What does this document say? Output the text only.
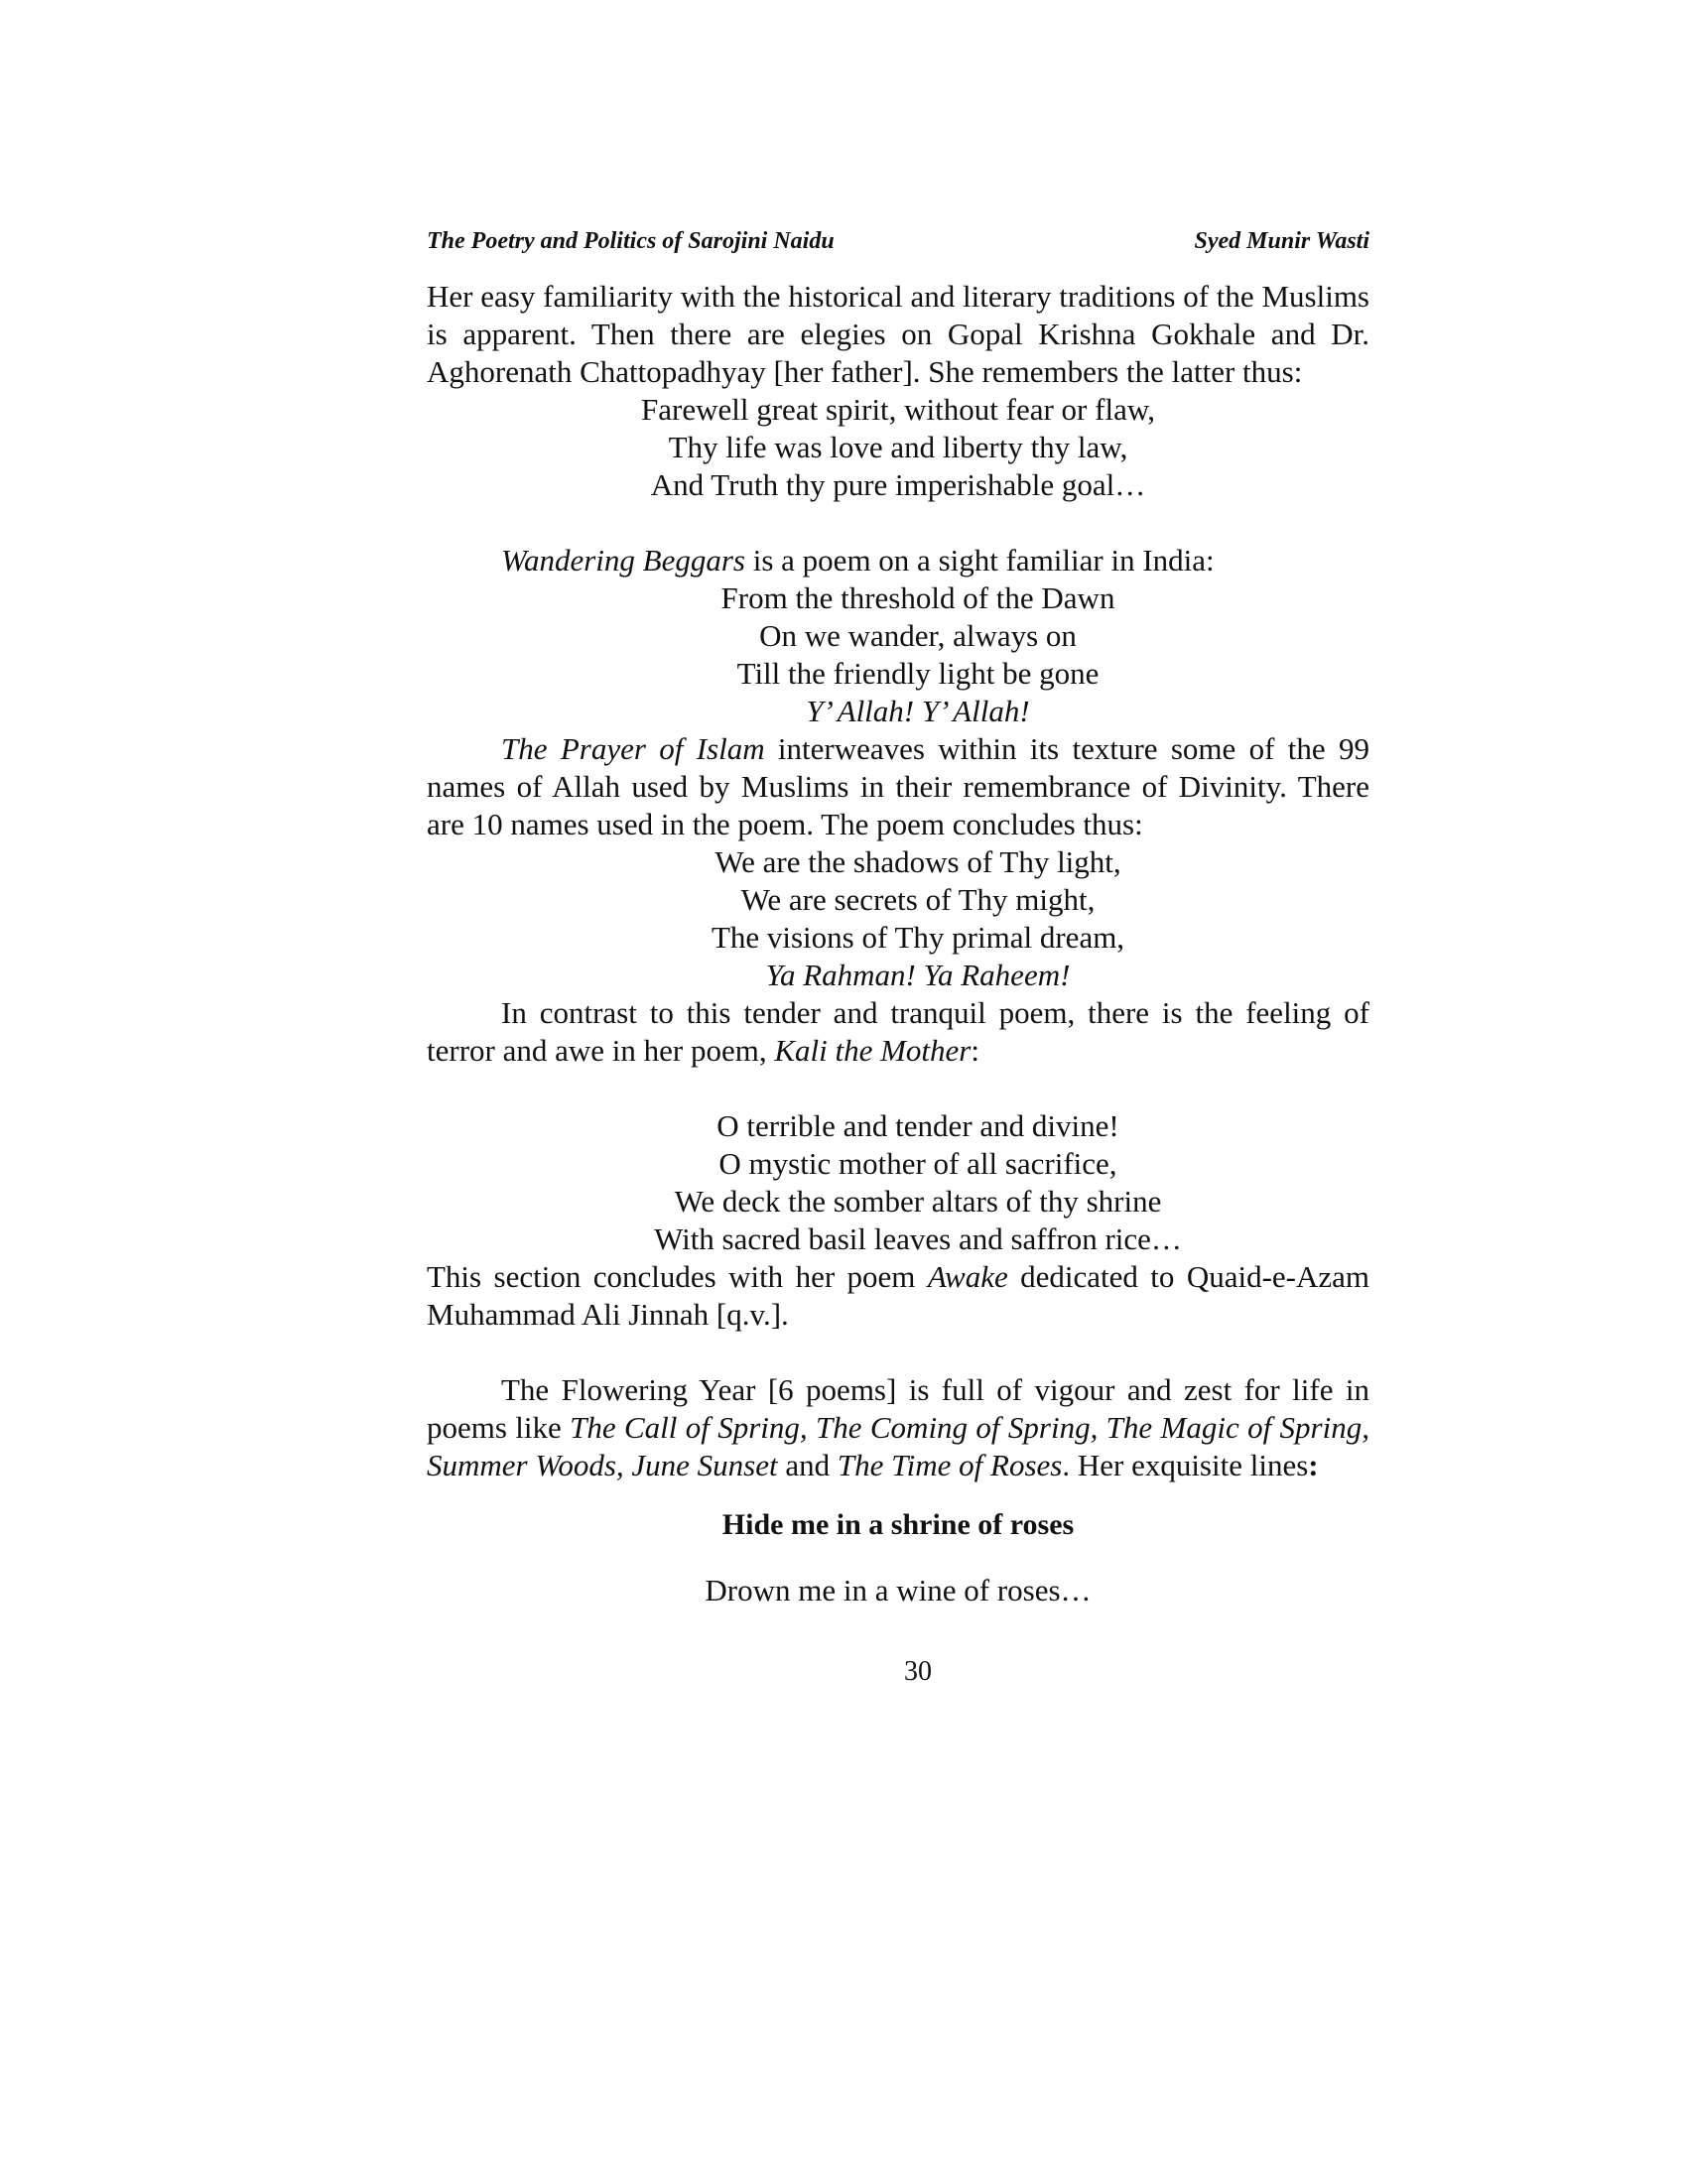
The Poetry and Politics of Sarojini Naidu	Syed Munir Wasti

Her easy familiarity with the historical and literary traditions of the Muslims is apparent. Then there are elegies on Gopal Krishna Gokhale and Dr. Aghorenath Chattopadhyay [her father]. She remembers the latter thus:

Farewell great spirit, without fear or flaw,
Thy life was love and liberty thy law,
And Truth thy pure imperishable goal…

Wandering Beggars is a poem on a sight familiar in India:

From the threshold of the Dawn
On we wander, always on
Till the friendly light be gone
Y’ Allah! Y’ Allah!

The Prayer of Islam interweaves within its texture some of the 99 names of Allah used by Muslims in their remembrance of Divinity. There are 10 names used in the poem. The poem concludes thus:

We are the shadows of Thy light,
We are secrets of Thy might,
The visions of Thy primal dream,
Ya Rahman! Ya Raheem!

In contrast to this tender and tranquil poem, there is the feeling of terror and awe in her poem, Kali the Mother:

O terrible and tender and divine!
O mystic mother of all sacrifice,
We deck the somber altars of thy shrine
With sacred basil leaves and saffron rice…

This section concludes with her poem Awake dedicated to Quaid-e-Azam Muhammad Ali Jinnah [q.v.].

The Flowering Year [6 poems] is full of vigour and zest for life in poems like The Call of Spring, The Coming of Spring, The Magic of Spring, Summer Woods, June Sunset and The Time of Roses. Her exquisite lines:

Hide me in a shrine of roses
Drown me in a wine of roses…
30
